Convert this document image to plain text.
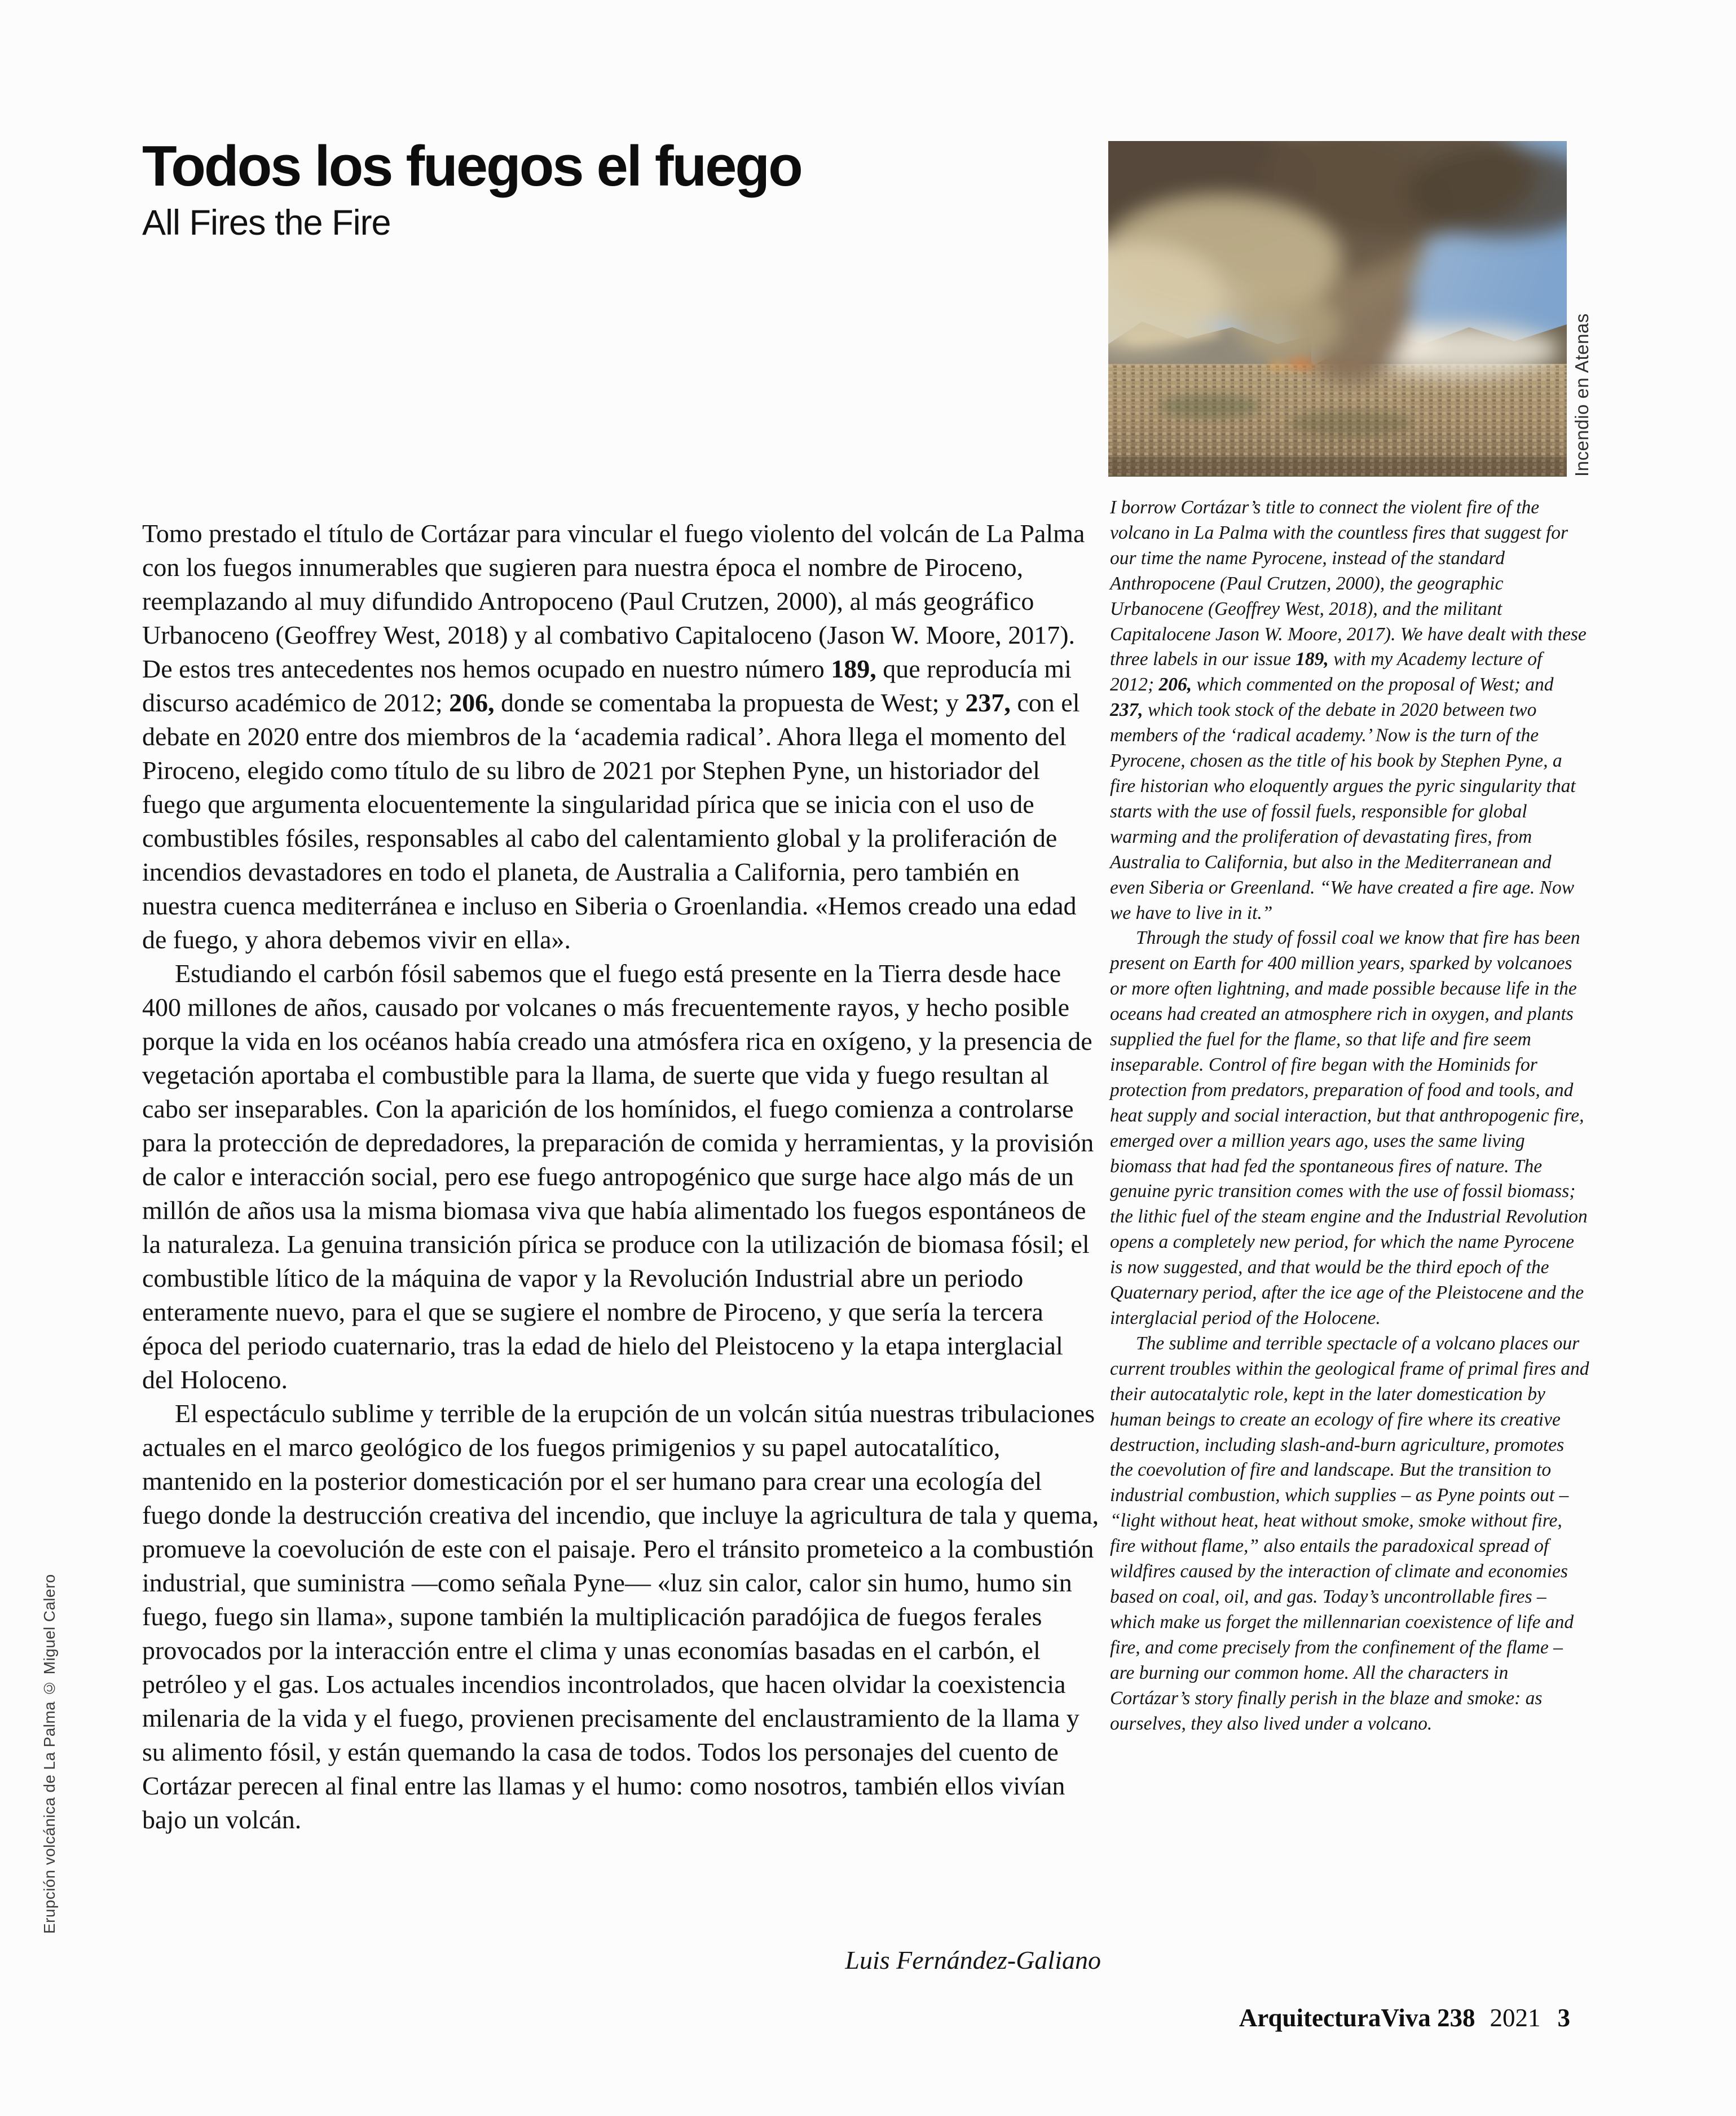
Todos los fuegos el fuego
All Fires the Fire
Incendio en Atenas

Tomo prestado el título de Cortázar para vincular el fuego violento del volcán de La Palma con los fuegos innumerables que sugieren para nuestra época el nombre de Piroceno, reemplazando al muy difundido Antropoceno (Paul Crutzen, 2000), al más geográfico Urbanoceno (Geoffrey West, 2018) y al combativo Capitaloceno (Jason W. Moore, 2017). De estos tres antecedentes nos hemos ocupado en nuestro número 189, que reproducía mi discurso académico de 2012; 206, donde se comentaba la propuesta de West; y 237, con el debate en 2020 entre dos miembros de la ‘academia radical’. Ahora llega el momento del Piroceno, elegido como título de su libro de 2021 por Stephen Pyne, un historiador del fuego que argumenta elocuentemente la singularidad pírica que se inicia con el uso de combustibles fósiles, responsables al cabo del calentamiento global y la proliferación de incendios devastadores en todo el planeta, de Australia a California, pero también en nuestra cuenca mediterránea e incluso en Siberia o Groenlandia. «Hemos creado una edad de fuego, y ahora debemos vivir en ella».

Estudiando el carbón fósil sabemos que el fuego está presente en la Tierra desde hace 400 millones de años, causado por volcanes o más frecuentemente rayos, y hecho posible porque la vida en los océanos había creado una atmósfera rica en oxígeno, y la presencia de vegetación aportaba el combustible para la llama, de suerte que vida y fuego resultan al cabo ser inseparables. Con la aparición de los homínidos, el fuego comienza a controlarse para la protección de depredadores, la preparación de comida y herramientas, y la provisión de calor e interacción social, pero ese fuego antropogénico que surge hace algo más de un millón de años usa la misma biomasa viva que había alimentado los fuegos espontáneos de la naturaleza. La genuina transición pírica se produce con la utilización de biomasa fósil; el combustible lítico de la máquina de vapor y la Revolución Industrial abre un periodo enteramente nuevo, para el que se sugiere el nombre de Piroceno, y que sería la tercera época del periodo cuaternario, tras la edad de hielo del Pleistoceno y la etapa interglacial del Holoceno.

El espectáculo sublime y terrible de la erupción de un volcán sitúa nuestras tribulaciones actuales en el marco geológico de los fuegos primigenios y su papel autocatalítico, mantenido en la posterior domesticación por el ser humano para crear una ecología del fuego donde la destrucción creativa del incendio, que incluye la agricultura de tala y quema, promueve la coevolución de este con el paisaje. Pero el tránsito prometeico a la combustión industrial, que suministra —como señala Pyne— «luz sin calor, calor sin humo, humo sin fuego, fuego sin llama», supone también la multiplicación paradójica de fuegos ferales provocados por la interacción entre el clima y unas economías basadas en el carbón, el petróleo y el gas. Los actuales incendios incontrolados, que hacen olvidar la coexistencia milenaria de la vida y el fuego, provienen precisamente del enclaustramiento de la llama y su alimento fósil, y están quemando la casa de todos. Todos los personajes del cuento de Cortázar perecen al final entre las llamas y el humo: como nosotros, también ellos vivían bajo un volcán.

Luis Fernández-Galiano

I borrow Cortázar’s title to connect the violent fire of the volcano in La Palma with the countless fires that suggest for our time the name Pyrocene, instead of the standard Anthropocene (Paul Crutzen, 2000), the geographic Urbanocene (Geoffrey West, 2018), and the militant Capitalocene Jason W. Moore, 2017). We have dealt with these three labels in our issue 189, with my Academy lecture of 2012; 206, which commented on the proposal of West; and 237, which took stock of the debate in 2020 between two members of the ‘radical academy.’ Now is the turn of the Pyrocene, chosen as the title of his book by Stephen Pyne, a fire historian who eloquently argues the pyric singularity that starts with the use of fossil fuels, responsible for global warming and the proliferation of devastating fires, from Australia to California, but also in the Mediterranean and even Siberia or Greenland. “We have created a fire age. Now we have to live in it.”

Through the study of fossil coal we know that fire has been present on Earth for 400 million years, sparked by volcanoes or more often lightning, and made possible because life in the oceans had created an atmosphere rich in oxygen, and plants supplied the fuel for the flame, so that life and fire seem inseparable. Control of fire began with the Hominids for protection from predators, preparation of food and tools, and heat supply and social interaction, but that anthropogenic fire, emerged over a million years ago, uses the same living biomass that had fed the spontaneous fires of nature. The genuine pyric transition comes with the use of fossil biomass; the lithic fuel of the steam engine and the Industrial Revolution opens a completely new period, for which the name Pyrocene is now suggested, and that would be the third epoch of the Quaternary period, after the ice age of the Pleistocene and the interglacial period of the Holocene.

The sublime and terrible spectacle of a volcano places our current troubles within the geological frame of primal fires and their autocatalytic role, kept in the later domestication by human beings to create an ecology of fire where its creative destruction, including slash-and-burn agriculture, promotes the coevolution of fire and landscape. But the transition to industrial combustion, which supplies – as Pyne points out – “light without heat, heat without smoke, smoke without fire, fire without flame,” also entails the paradoxical spread of wildfires caused by the interaction of climate and economies based on coal, oil, and gas. Today’s uncontrollable fires – which make us forget the millennarian coexistence of life and fire, and come precisely from the confinement of the flame – are burning our common home. All the characters in Cortázar’s story finally perish in the blaze and smoke: as ourselves, they also lived under a volcano.

Erupción volcánica de La Palma © Miguel Calero
ArquitecturaViva 238 2021 3
